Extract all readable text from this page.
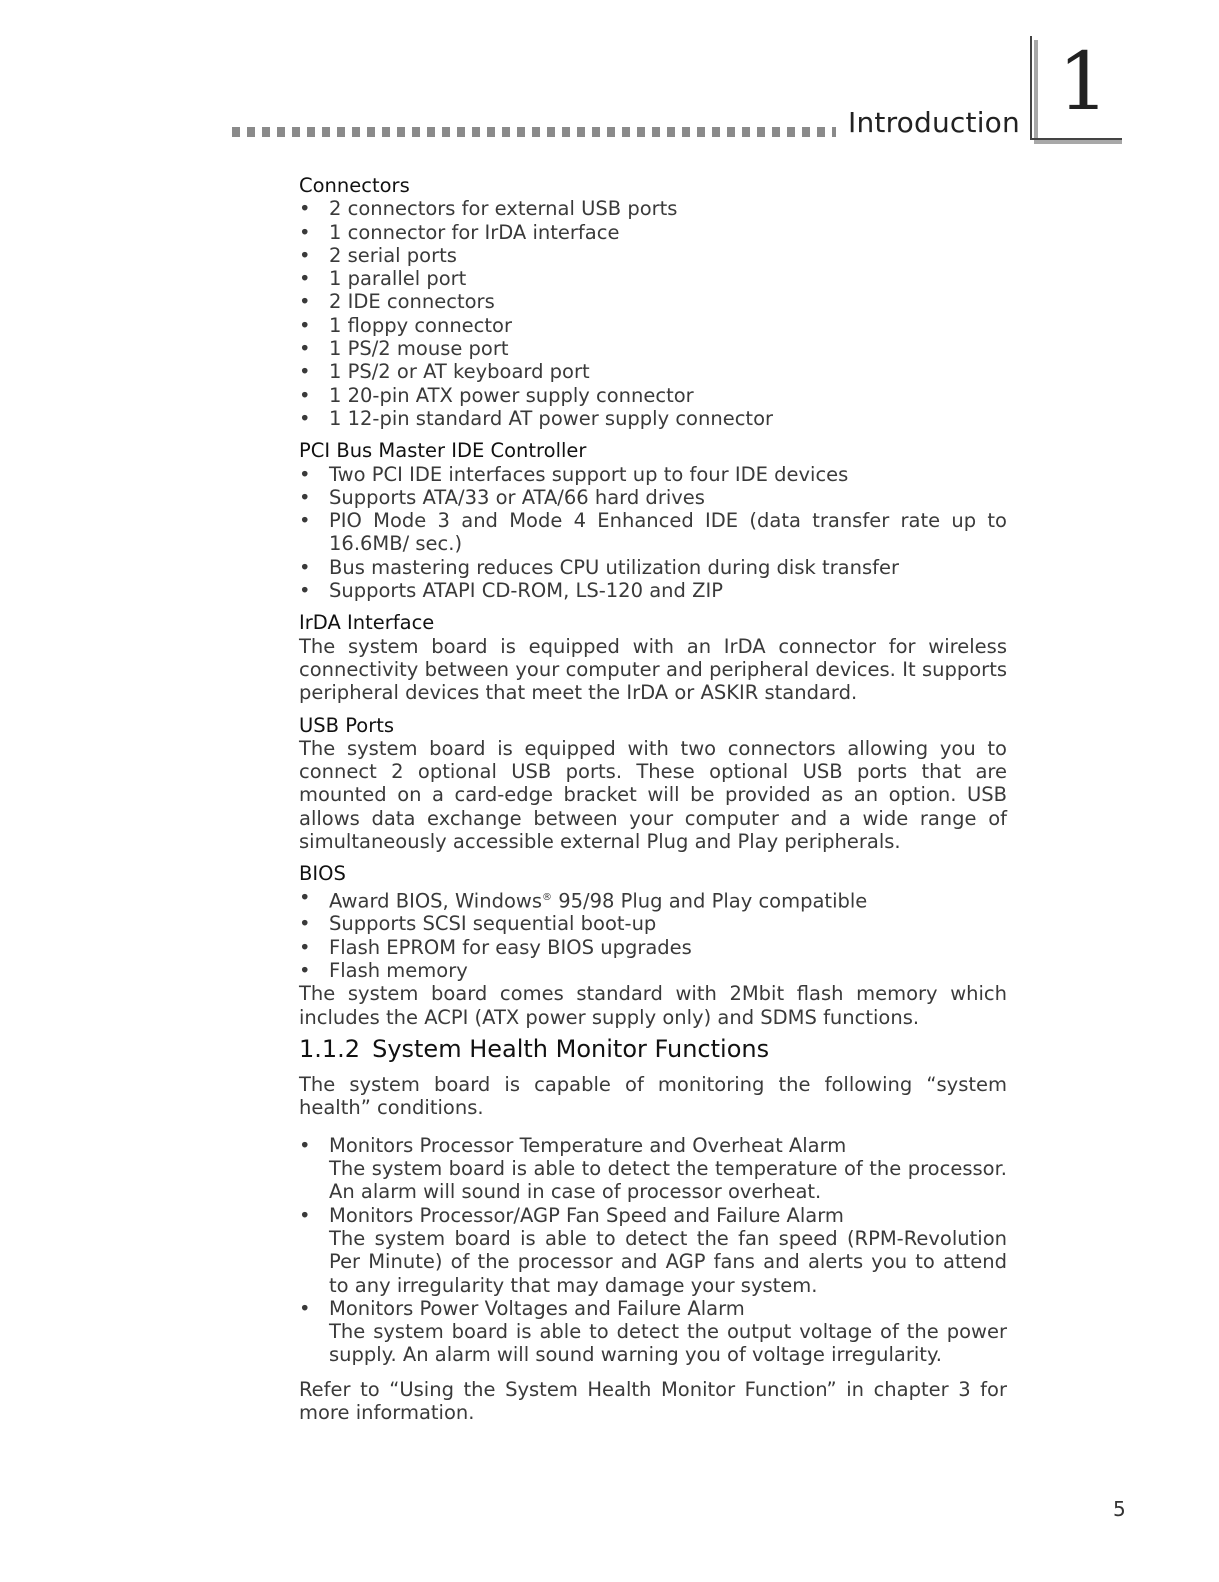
Introduction 1
Connectors
• 2 connectors for external USB ports
• 1 connector for IrDA interface
• 2 serial ports
• 1 parallel port
• 2 IDE connectors
• 1 floppy connector
• 1 PS/2 mouse port
• 1 PS/2 or AT keyboard port
• 1 20-pin ATX power supply connector
• 1 12-pin standard AT power supply connector
PCI Bus Master IDE Controller
• Two PCI IDE interfaces support up to four IDE devices
• Supports ATA/33 or ATA/66 hard drives
• PIO Mode 3 and Mode 4 Enhanced IDE (data transfer rate up to 16.6MB/ sec.)
• Bus mastering reduces CPU utilization during disk transfer
• Supports ATAPI CD-ROM, LS-120 and ZIP
IrDA Interface

The system board is equipped with an IrDA connector for wireless connectivity between your computer and peripheral devices. It supports peripheral devices that meet the IrDA or ASKIR standard.

USB Ports

The system board is equipped with two connectors allowing you to connect 2 optional USB ports. These optional USB ports that are mounted on a card-edge bracket will be provided as an option. USB allows data exchange between your computer and a wide range of simultaneously accessible external Plug and Play peripherals.

BIOS
• Award BIOS, Windows® 95/98 Plug and Play compatible
• Supports SCSI sequential boot-up
• Flash EPROM for easy BIOS upgrades
• Flash memory

The system board comes standard with 2Mbit flash memory which includes the ACPI (ATX power supply only) and SDMS functions.

1.1.2 System Health Monitor Functions

The system board is capable of monitoring the following “system health” conditions.

• Monitors Processor Temperature and Overheat Alarm
The system board is able to detect the temperature of the processor. An alarm will sound in case of processor overheat.
• Monitors Processor/AGP Fan Speed and Failure Alarm
The system board is able to detect the fan speed (RPM-Revolution Per Minute) of the processor and AGP fans and alerts you to attend to any irregularity that may damage your system.
• Monitors Power Voltages and Failure Alarm
The system board is able to detect the output voltage of the power supply. An alarm will sound warning you of voltage irregularity.

Refer to “Using the System Health Monitor Function” in chapter 3 for more information.

5
